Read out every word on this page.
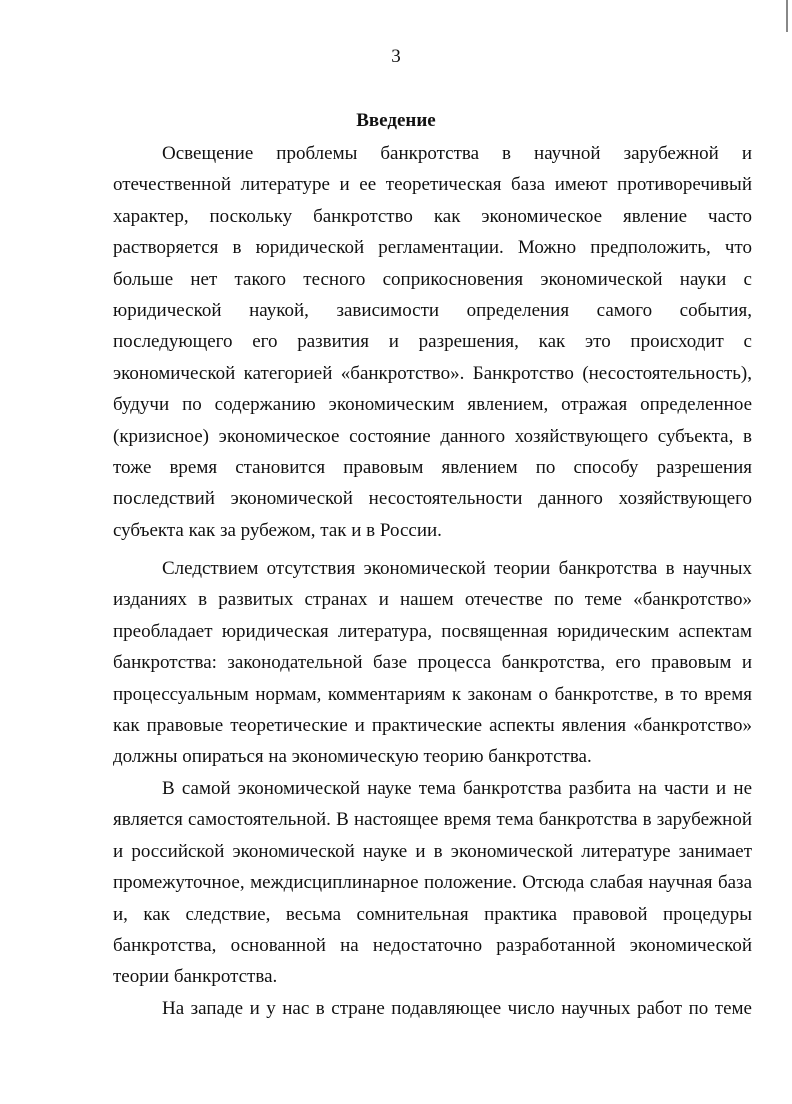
3
Введение
Освещение проблемы банкротства в научной зарубежной и
отечественной литературе и ее теоретическая база имеют противоречивый
характер, поскольку банкротство как экономическое явление часто
растворяется в юридической регламентации. Можно предположить, что
больше нет такого тесного соприкосновения экономической науки с
юридической наукой, зависимости определения самого события,
последующего его развития и разрешения, как это происходит с
экономической категорией «банкротство». Банкротство (несостоятельность),
будучи по содержанию экономическим явлением, отражая определенное
(кризисное) экономическое состояние данного хозяйствующего субъекта, в
тоже время становится правовым явлением по способу разрешения
последствий экономической несостоятельности данного хозяйствующего
субъекта как за рубежом, так и в России.
Следствием отсутствия экономической теории банкротства в научных
изданиях в развитых странах и нашем отечестве по теме «банкротство»
преобладает юридическая литература, посвященная юридическим аспектам
банкротства: законодательной базе процесса банкротства, его правовым и
процессуальным нормам, комментариям к законам о банкротстве, в то время
как правовые теоретические и практические аспекты явления «банкротство»
должны опираться на экономическую теорию банкротства.
В самой экономической науке тема банкротства разбита на части и не
является самостоятельной. В настоящее время тема банкротства в зарубежной
и российской экономической науке и в экономической литературе занимает
промежуточное, междисциплинарное положение. Отсюда слабая научная база
и, как следствие, весьма сомнительная практика правовой процедуры
банкротства, основанной на недостаточно разработанной экономической
теории банкротства.
На западе и у нас в стране подавляющее число научных работ по теме
